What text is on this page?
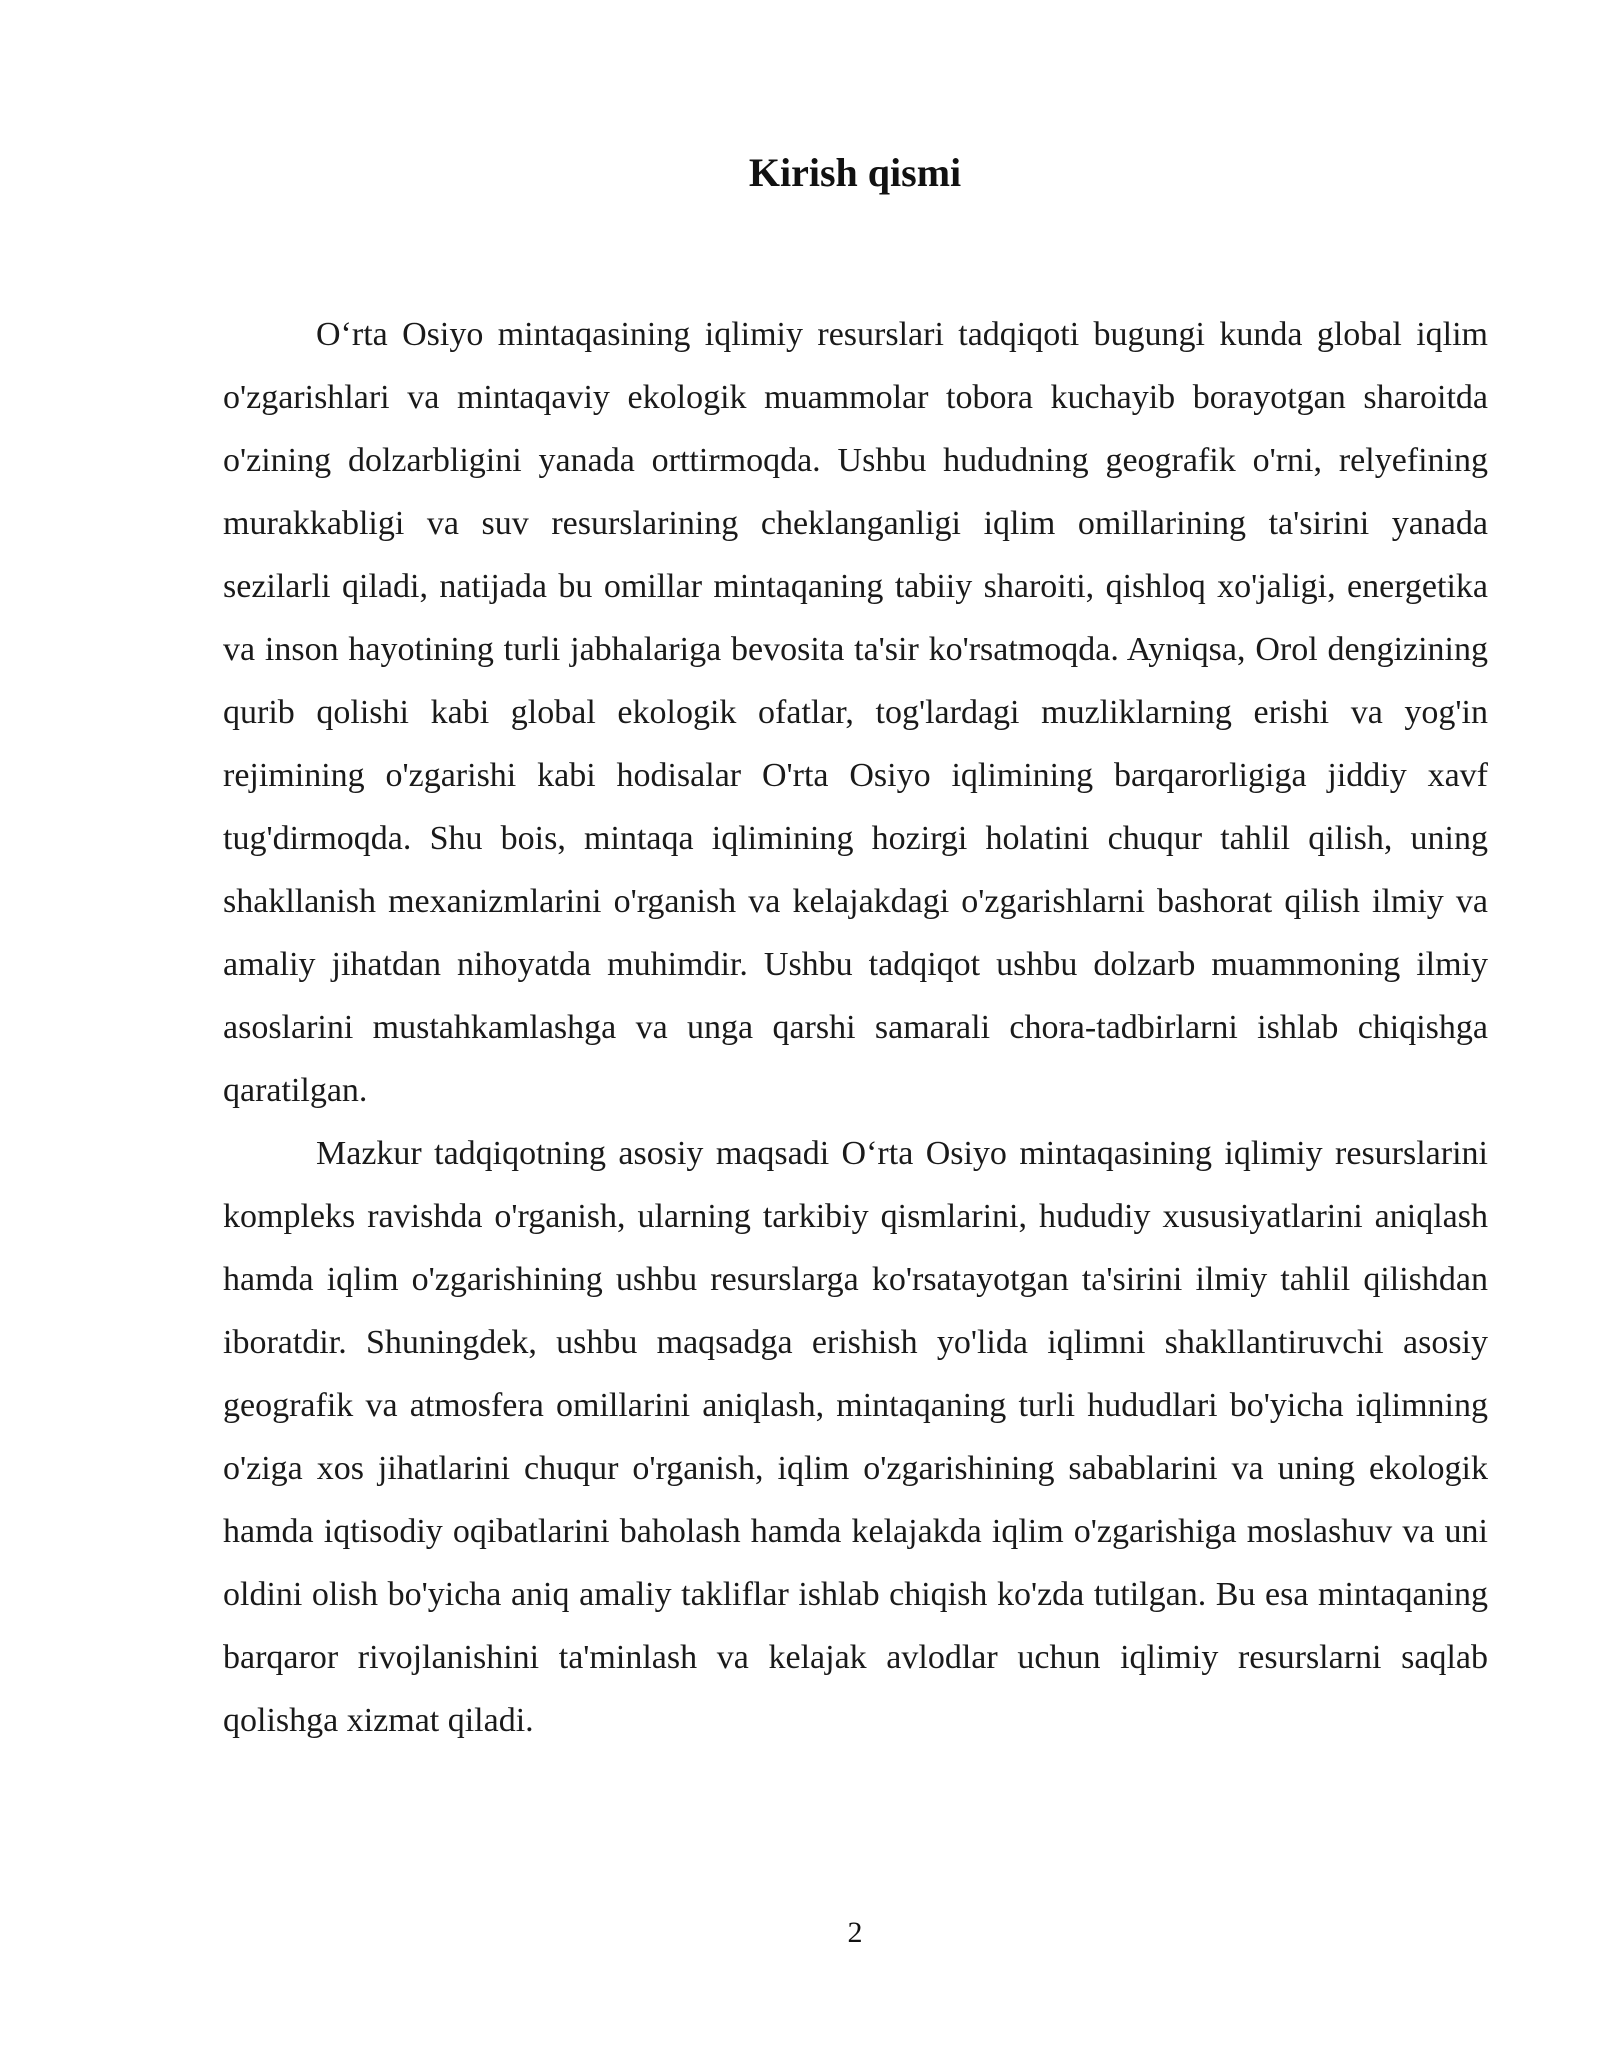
Kirish qismi

O‘rta Osiyo mintaqasining iqlimiy resurslari tadqiqoti bugungi kunda global iqlim o'zgarishlari va mintaqaviy ekologik muammolar tobora kuchayib borayotgan sharoitda o'zining dolzarbligini yanada orttirmoqda. Ushbu hududning geografik o'rni, relyefining murakkabligi va suv resurslarining cheklanganligi iqlim omillarining ta'sirini yanada sezilarli qiladi, natijada bu omillar mintaqaning tabiiy sharoiti, qishloq xo'jaligi, energetika va inson hayotining turli jabhalariga bevosita ta'sir ko'rsatmoqda. Ayniqsa, Orol dengizining qurib qolishi kabi global ekologik ofatlar, tog'lardagi muzliklarning erishi va yog'in rejimining o'zgarishi kabi hodisalar O'rta Osiyo iqlimining barqarorligiga jiddiy xavf tug'dirmoqda. Shu bois, mintaqa iqlimining hozirgi holatini chuqur tahlil qilish, uning shakllanish mexanizmlarini o'rganish va kelajakdagi o'zgarishlarni bashorat qilish ilmiy va amaliy jihatdan nihoyatda muhimdir. Ushbu tadqiqot ushbu dolzarb muammoning ilmiy asoslarini mustahkamlashga va unga qarshi samarali chora-tadbirlarni ishlab chiqishga qaratilgan.

Mazkur tadqiqotning asosiy maqsadi O‘rta Osiyo mintaqasining iqlimiy resurslarini kompleks ravishda o'rganish, ularning tarkibiy qismlarini, hududiy xususiyatlarini aniqlash hamda iqlim o'zgarishining ushbu resurslarga ko'rsatayotgan ta'sirini ilmiy tahlil qilishdan iboratdir. Shuningdek, ushbu maqsadga erishish yo'lida iqlimni shakllantiruvchi asosiy geografik va atmosfera omillarini aniqlash, mintaqaning turli hududlari bo'yicha iqlimning o'ziga xos jihatlarini chuqur o'rganish, iqlim o'zgarishining sabablarini va uning ekologik hamda iqtisodiy oqibatlarini baholash hamda kelajakda iqlim o'zgarishiga moslashuv va uni oldini olish bo'yicha aniq amaliy takliflar ishlab chiqish ko'zda tutilgan. Bu esa mintaqaning barqaror rivojlanishini ta'minlash va kelajak avlodlar uchun iqlimiy resurslarni saqlab qolishga xizmat qiladi.

2
